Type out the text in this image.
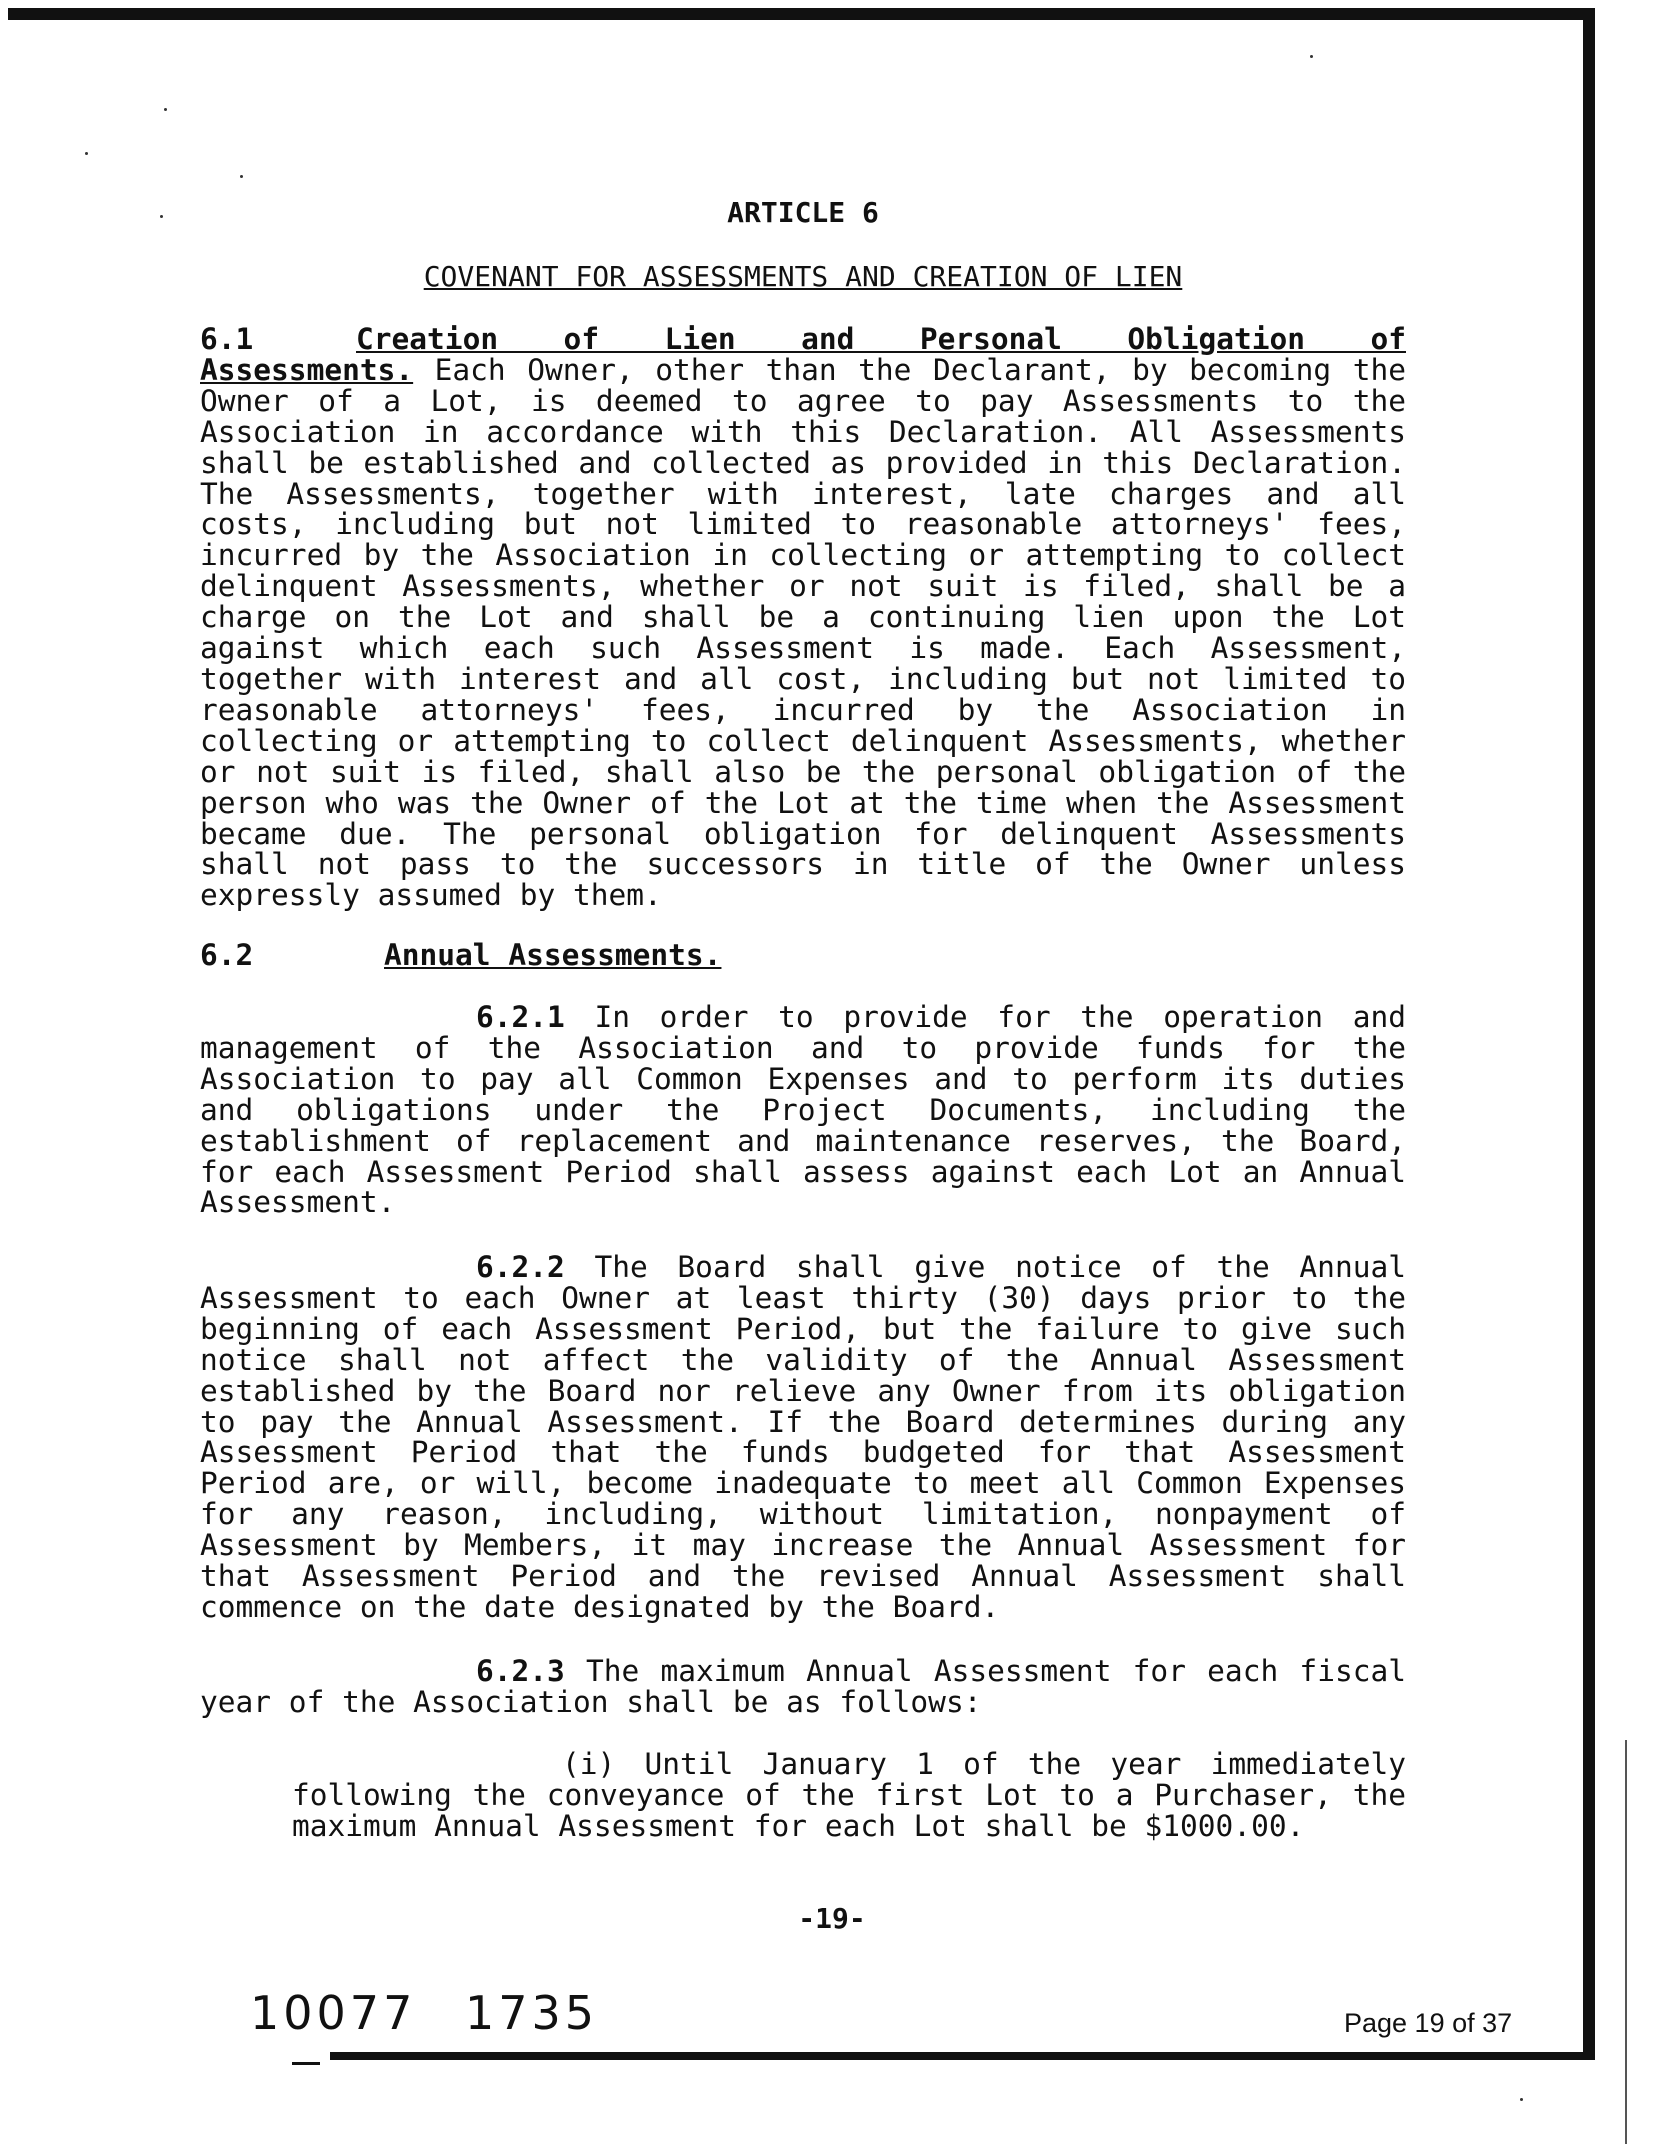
ARTICLE 6
COVENANT FOR ASSESSMENTS AND CREATION OF LIEN
6.1	Creation of Lien and Personal Obligation of
Assessments. Each Owner, other than the Declarant, by becoming the
Owner of a Lot, is deemed to agree to pay Assessments to the
Association in accordance with this Declaration. All Assessments
shall be established and collected as provided in this Declaration.
The Assessments, together with interest, late charges and all
costs, including but not limited to reasonable attorneys' fees,
incurred by the Association in collecting or attempting to collect
delinquent Assessments, whether or not suit is filed, shall be a
charge on the Lot and shall be a continuing lien upon the Lot
against which each such Assessment is made. Each Assessment,
together with interest and all cost, including but not limited to
reasonable attorneys' fees, incurred by the Association in
collecting or attempting to collect delinquent Assessments, whether
or not suit is filed, shall also be the personal obligation of the
person who was the Owner of the Lot at the time when the Assessment
became due. The personal obligation for delinquent Assessments
shall not pass to the successors in title of the Owner unless
expressly assumed by them.
6.2	Annual Assessments.
6.2.1 In order to provide for the operation and
management of the Association and to provide funds for the
Association to pay all Common Expenses and to perform its duties
and obligations under the Project Documents, including the
establishment of replacement and maintenance reserves, the Board,
for each Assessment Period shall assess against each Lot an Annual
Assessment.
6.2.2 The Board shall give notice of the Annual
Assessment to each Owner at least thirty (30) days prior to the
beginning of each Assessment Period, but the failure to give such
notice shall not affect the validity of the Annual Assessment
established by the Board nor relieve any Owner from its obligation
to pay the Annual Assessment. If the Board determines during any
Assessment Period that the funds budgeted for that Assessment
Period are, or will, become inadequate to meet all Common Expenses
for any reason, including, without limitation, nonpayment of
Assessment by Members, it may increase the Annual Assessment for
that Assessment Period and the revised Annual Assessment shall
commence on the date designated by the Board.
6.2.3 The maximum Annual Assessment for each fiscal
year of the Association shall be as follows:
(i) Until January 1 of the year immediately
following the conveyance of the first Lot to a Purchaser, the
maximum Annual Assessment for each Lot shall be $1000.00.
-19-
10077 1735	Page 19 of 37
